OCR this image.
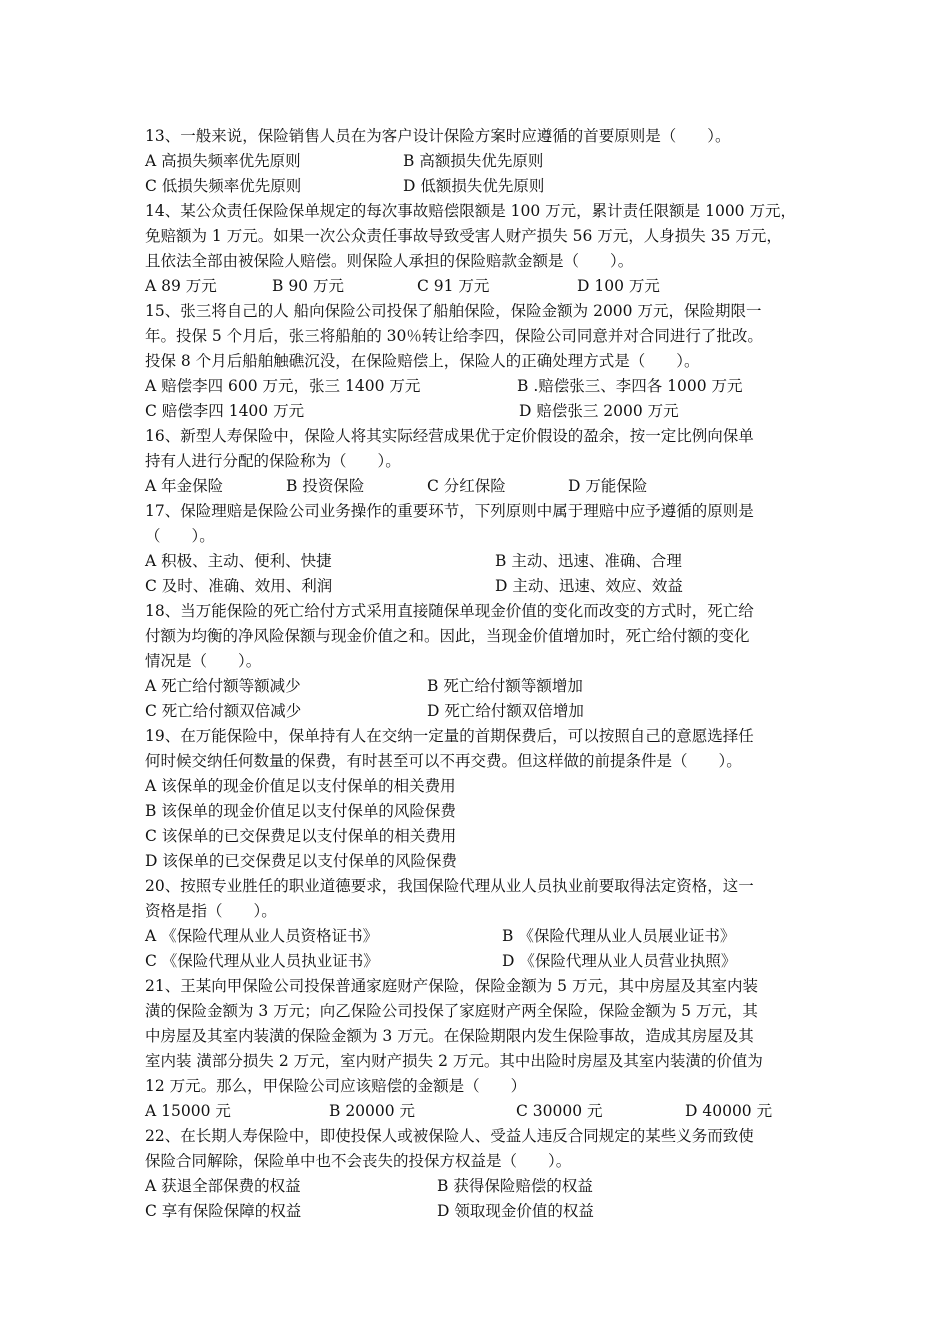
13、一般来说，保险销售人员在为客户设计保险方案时应遵循的首要原则是（　　）。
A 高损失频率优先原则	B 高额损失优先原则
C 低损失频率优先原则	D 低额损失优先原则
14、某公众责任保险保单规定的每次事故赔偿限额是 100 万元，累计责任限额是 1000 万元，
免赔额为 1 万元。如果一次公众责任事故导致受害人财产损失 56 万元，人身损失 35 万元，
且依法全部由被保险人赔偿。则保险人承担的保险赔款金额是（　　）。
A 89 万元	B 90 万元	C 91 万元	D 100 万元
15、张三将自己的人 船向保险公司投保了船舶保险，保险金额为 2000 万元，保险期限一
年。投保 5 个月后，张三将船舶的 30％转让给李四，保险公司同意并对合同进行了批改。
投保 8 个月后船舶触礁沉没，在保险赔偿上，保险人的正确处理方式是（　　）。
A 赔偿李四 600 万元，张三 1400 万元	B .赔偿张三、李四各 1000 万元
C 赔偿李四 1400 万元	D 赔偿张三 2000 万元
16、新型人寿保险中，保险人将其实际经营成果优于定价假设的盈余，按一定比例向保单
持有人进行分配的保险称为（　　）。
A 年金保险	B 投资保险	C 分红保险	D 万能保险
17、保险理赔是保险公司业务操作的重要环节，下列原则中属于理赔中应予遵循的原则是
（　　）。
A 积极、主动、便利、快捷	B 主动、迅速、准确、合理
C 及时、准确、效用、利润	D 主动、迅速、效应、效益
18、当万能保险的死亡给付方式采用直接随保单现金价值的变化而改变的方式时，死亡给
付额为均衡的净风险保额与现金价值之和。因此，当现金价值增加时，死亡给付额的变化
情况是（　　）。
A 死亡给付额等额减少	B 死亡给付额等额增加
C 死亡给付额双倍减少	D 死亡给付额双倍增加
19、在万能保险中，保单持有人在交纳一定量的首期保费后，可以按照自己的意愿选择任
何时候交纳任何数量的保费，有时甚至可以不再交费。但这样做的前提条件是（　　）。
A 该保单的现金价值足以支付保单的相关费用
B 该保单的现金价值足以支付保单的风险保费
C 该保单的已交保费足以支付保单的相关费用
D 该保单的已交保费足以支付保单的风险保费
20、按照专业胜任的职业道德要求，我国保险代理从业人员执业前要取得法定资格，这一
资格是指（　　）。
A 《保险代理从业人员资格证书》	B 《保险代理从业人员展业证书》
C 《保险代理从业人员执业证书》	D 《保险代理从业人员营业执照》
21、王某向甲保险公司投保普通家庭财产保险，保险金额为 5 万元，其中房屋及其室内装
潢的保险金额为 3 万元；向乙保险公司投保了家庭财产两全保险，保险金额为 5 万元，其
中房屋及其室内装潢的保险金额为 3 万元。在保险期限内发生保险事故，造成其房屋及其
室内装 潢部分损失 2 万元，室内财产损失 2 万元。其中出险时房屋及其室内装潢的价值为
12 万元。那么，甲保险公司应该赔偿的金额是（　　）
A 15000 元	B 20000 元	C 30000 元	D 40000 元
22、在长期人寿保险中，即使投保人或被保险人、受益人违反合同规定的某些义务而致使
保险合同解除，保险单中也不会丧失的投保方权益是（　　）。
A 获退全部保费的权益	B 获得保险赔偿的权益
C 享有保险保障的权益	D 领取现金价值的权益
